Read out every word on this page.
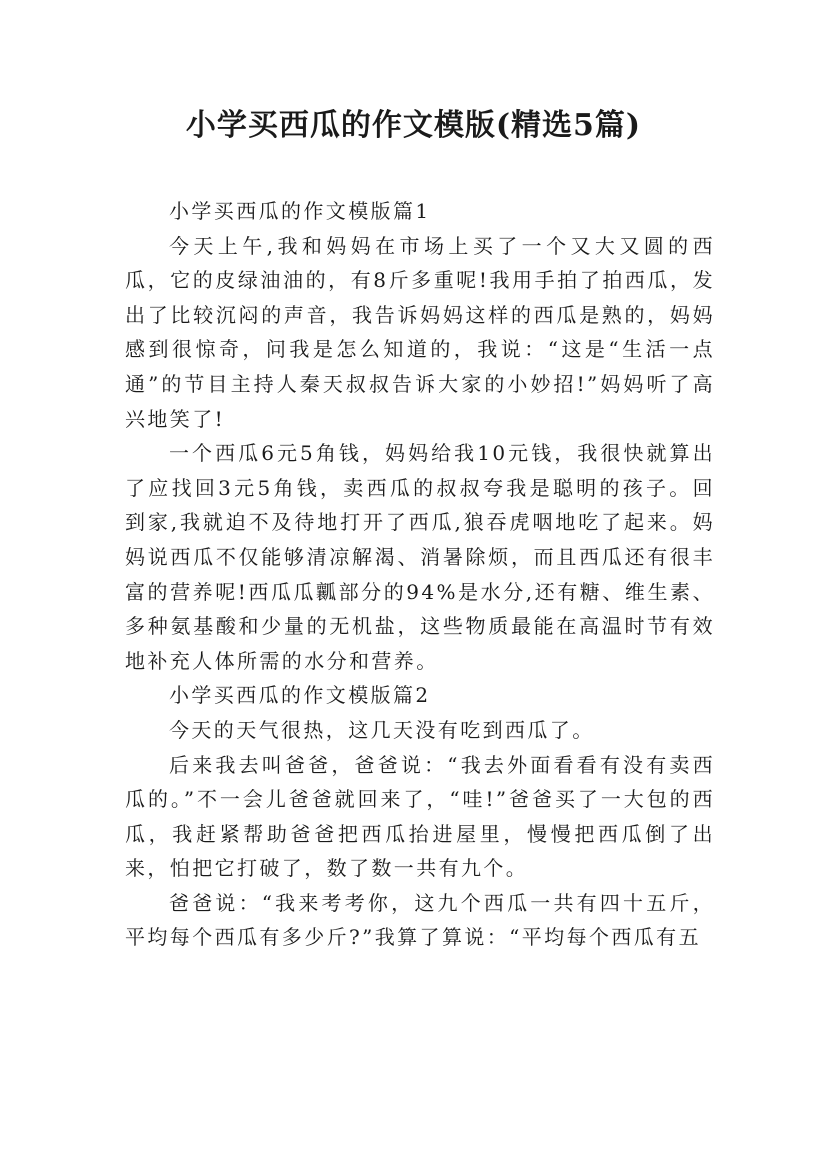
小学买西瓜的作文模版(精选5篇)

小学买西瓜的作文模版篇1

今天上午,我和妈妈在市场上买了一个又大又圆的西瓜，它的皮绿油油的，有8斤多重呢!我用手拍了拍西瓜，发出了比较沉闷的声音，我告诉妈妈这样的西瓜是熟的，妈妈感到很惊奇，问我是怎么知道的，我说：“这是“生活一点通”的节目主持人秦天叔叔告诉大家的小妙招!”妈妈听了高兴地笑了!

一个西瓜6元5角钱，妈妈给我10元钱，我很快就算出了应找回3元5角钱，卖西瓜的叔叔夸我是聪明的孩子。回到家,我就迫不及待地打开了西瓜,狼吞虎咽地吃了起来。妈妈说西瓜不仅能够清凉解渴、消暑除烦，而且西瓜还有很丰富的营养呢!西瓜瓜瓤部分的94%是水分,还有糖、维生素、多种氨基酸和少量的无机盐，这些物质最能在高温时节有效地补充人体所需的水分和营养。

小学买西瓜的作文模版篇2

今天的天气很热，这几天没有吃到西瓜了。

后来我去叫爸爸，爸爸说：“我去外面看看有没有卖西瓜的。”不一会儿爸爸就回来了，“哇!”爸爸买了一大包的西瓜，我赶紧帮助爸爸把西瓜抬进屋里，慢慢把西瓜倒了出来，怕把它打破了，数了数一共有九个。

爸爸说：“我来考考你，这九个西瓜一共有四十五斤，平均每个西瓜有多少斤?”我算了算说：“平均每个西瓜有五
